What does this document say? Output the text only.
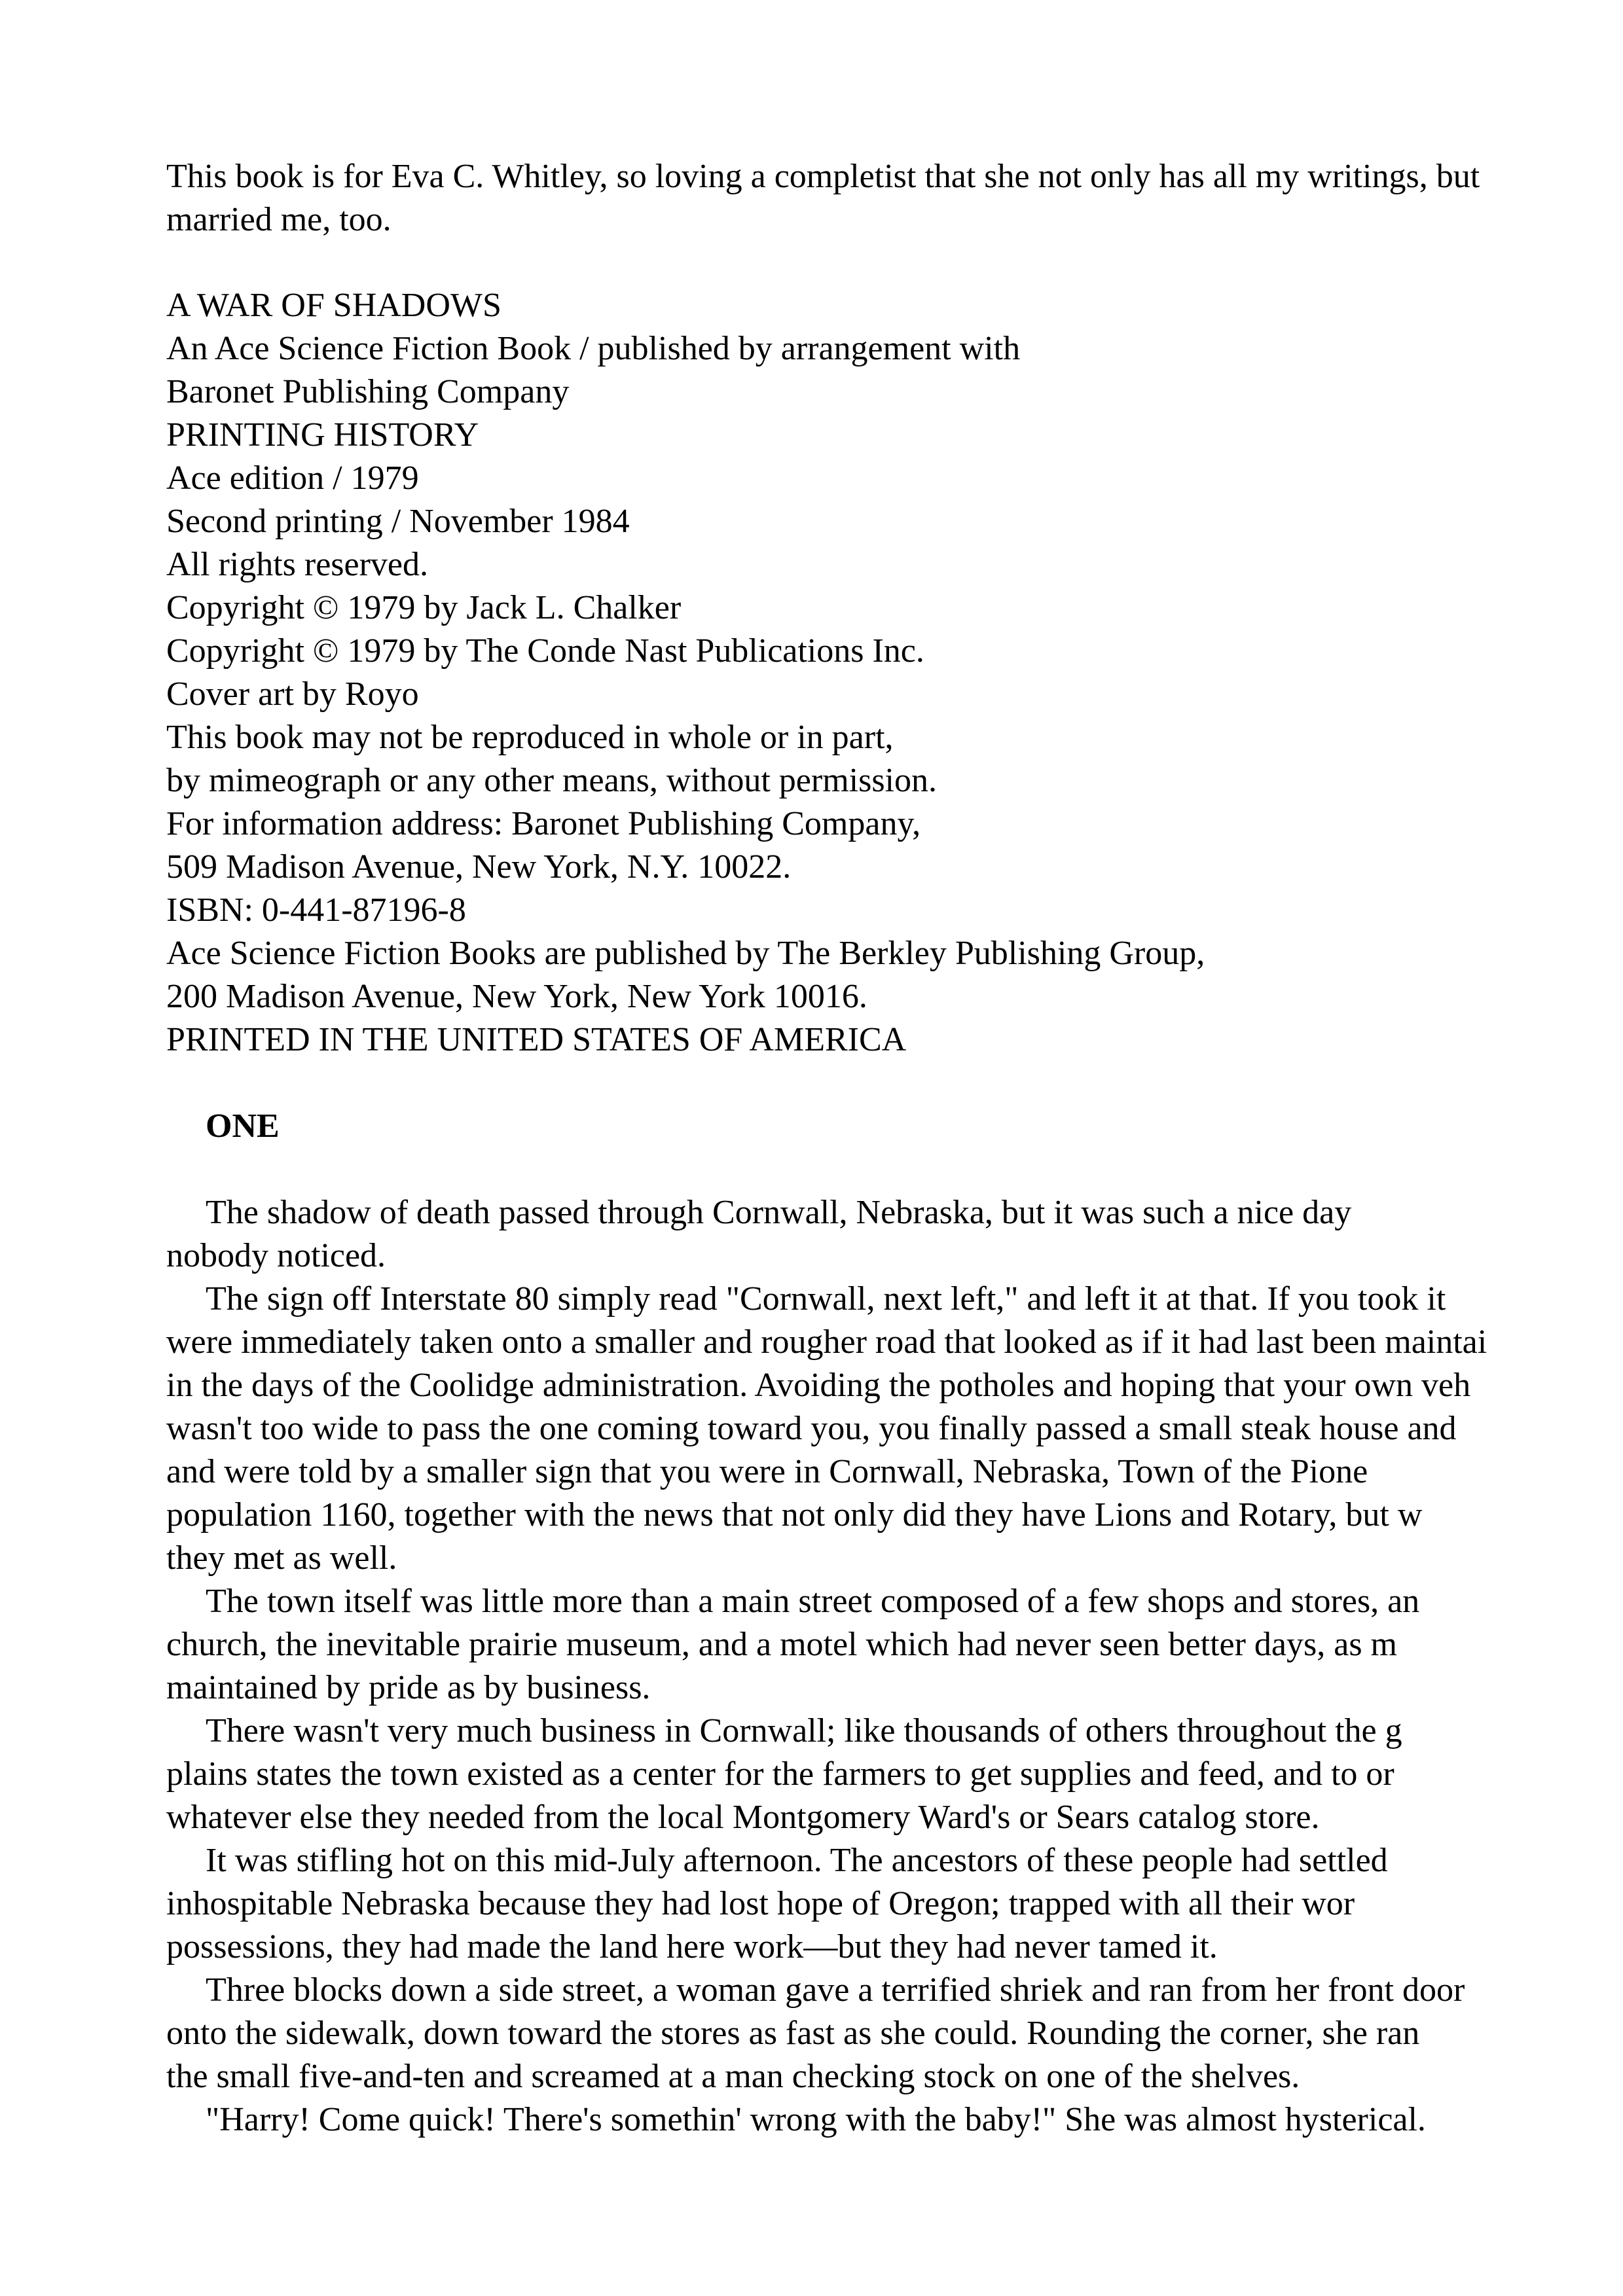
This book is for Eva C. Whitley, so loving a completist that she not only has all my writings, but
married me, too.
A WAR OF SHADOWS
An Ace Science Fiction Book / published by arrangement with
Baronet Publishing Company
PRINTING HISTORY
Ace edition / 1979
Second printing / November 1984
All rights reserved.
Copyright © 1979 by Jack L. Chalker
Copyright © 1979 by The Conde Nast Publications Inc.
Cover art by Royo
This book may not be reproduced in whole or in part,
by mimeograph or any other means, without permission.
For information address: Baronet Publishing Company,
509 Madison Avenue, New York, N.Y. 10022.
ISBN: 0-441-87196-8
Ace Science Fiction Books are published by The Berkley Publishing Group,
200 Madison Avenue, New York, New York 10016.
PRINTED IN THE UNITED STATES OF AMERICA
ONE
The shadow of death passed through Cornwall, Nebraska, but it was such a nice day
nobody noticed.
The sign off Interstate 80 simply read "Cornwall, next left," and left it at that. If you took it
were immediately taken onto a smaller and rougher road that looked as if it had last been maintai
in the days of the Coolidge administration. Avoiding the potholes and hoping that your own veh
wasn't too wide to pass the one coming toward you, you finally passed a small steak house and
and were told by a smaller sign that you were in Cornwall, Nebraska, Town of the Pione
population 1160, together with the news that not only did they have Lions and Rotary, but w
they met as well.
The town itself was little more than a main street composed of a few shops and stores, an
church, the inevitable prairie museum, and a motel which had never seen better days, as m
maintained by pride as by business.
There wasn't very much business in Cornwall; like thousands of others throughout the g
plains states the town existed as a center for the farmers to get supplies and feed, and to or
whatever else they needed from the local Montgomery Ward's or Sears catalog store.
It was stifling hot on this mid-July afternoon. The ancestors of these people had settled
inhospitable Nebraska because they had lost hope of Oregon; trapped with all their wor
possessions, they had made the land here work—but they had never tamed it.
Three blocks down a side street, a woman gave a terrified shriek and ran from her front door
onto the sidewalk, down toward the stores as fast as she could. Rounding the corner, she ran
the small five-and-ten and screamed at a man checking stock on one of the shelves.
"Harry! Come quick! There's somethin' wrong with the baby!" She was almost hysterical.
